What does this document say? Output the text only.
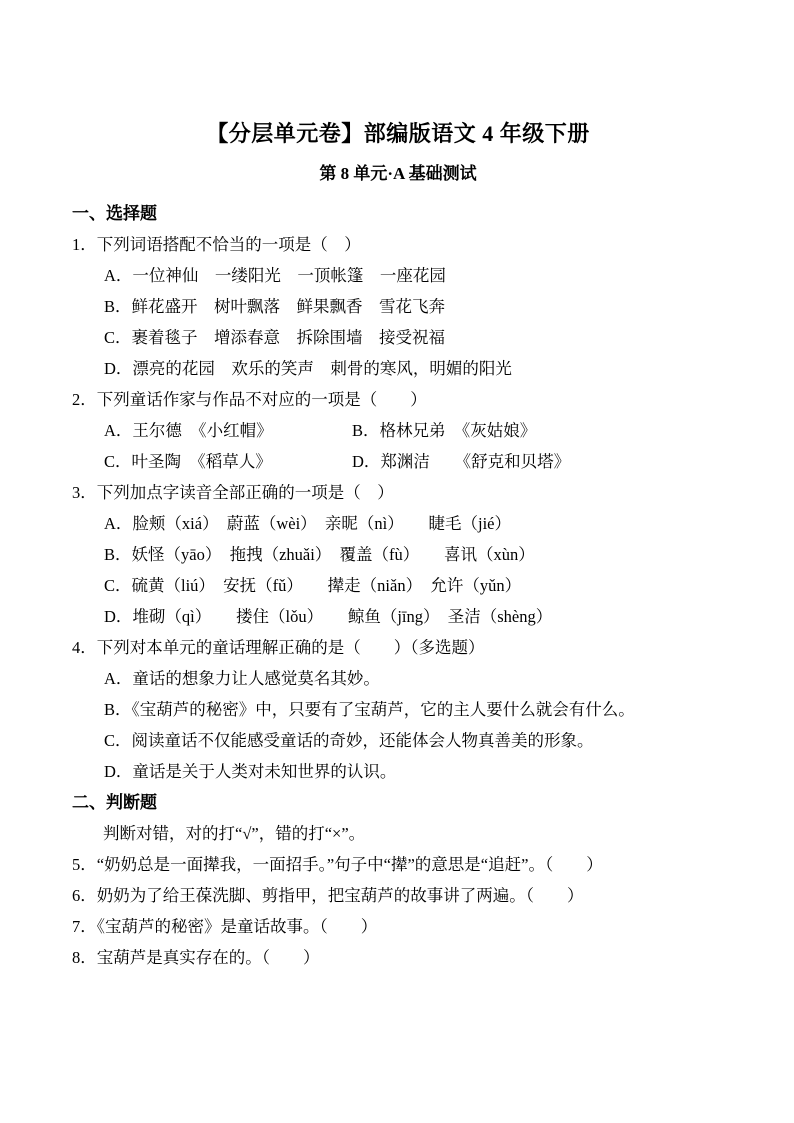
【分层单元卷】部编版语文 4 年级下册
第 8 单元·A 基础测试
一、选择题
1．下列词语搭配不恰当的一项是（　）
A．一位神仙　一缕阳光　一顶帐篷　一座花园
B．鲜花盛开　树叶飘落　鲜果飘香　雪花飞奔
C．裹着毯子　增添春意　拆除围墙　接受祝福
D．漂亮的花园　欢乐的笑声　刺骨的寒风，明媚的阳光
2．下列童话作家与作品不对应的一项是（　　）
A．王尔德　《小红帽》	B．格林兄弟　《灰姑娘》
C．叶圣陶　《稻草人》	D．郑渊洁　　《舒克和贝塔》
3．下列加点字读音全部正确的一项是（　）
A．脸颊（xiá）　蔚蓝（wèi）　亲昵（nì）　　睫毛（jié）
B．妖怪（yāo）　拖拽（zhuǎi）　覆盖（fù）　　喜讯（xùn）
C．硫黄（liú）　安抚（fǔ）　　撵走（niǎn）　允许（yǔn）
D．堆砌（qì）　　搂住（lǒu）　　鲸鱼（jīng）　圣洁（shèng）
4．下列对本单元的童话理解正确的是（　　）（多选题）
A．童话的想象力让人感觉莫名其妙。
B．《宝葫芦的秘密》中，只要有了宝葫芦，它的主人要什么就会有什么。
C．阅读童话不仅能感受童话的奇妙，还能体会人物真善美的形象。
D．童话是关于人类对未知世界的认识。
二、判断题
判断对错，对的打“√”，错的打“×”。
5．“奶奶总是一面撵我，一面招手。”句子中“撵”的意思是“追赶”。（　　）
6．奶奶为了给王葆洗脚、剪指甲，把宝葫芦的故事讲了两遍。（　　）
7．《宝葫芦的秘密》是童话故事。（　　）
8．宝葫芦是真实存在的。（　　）
